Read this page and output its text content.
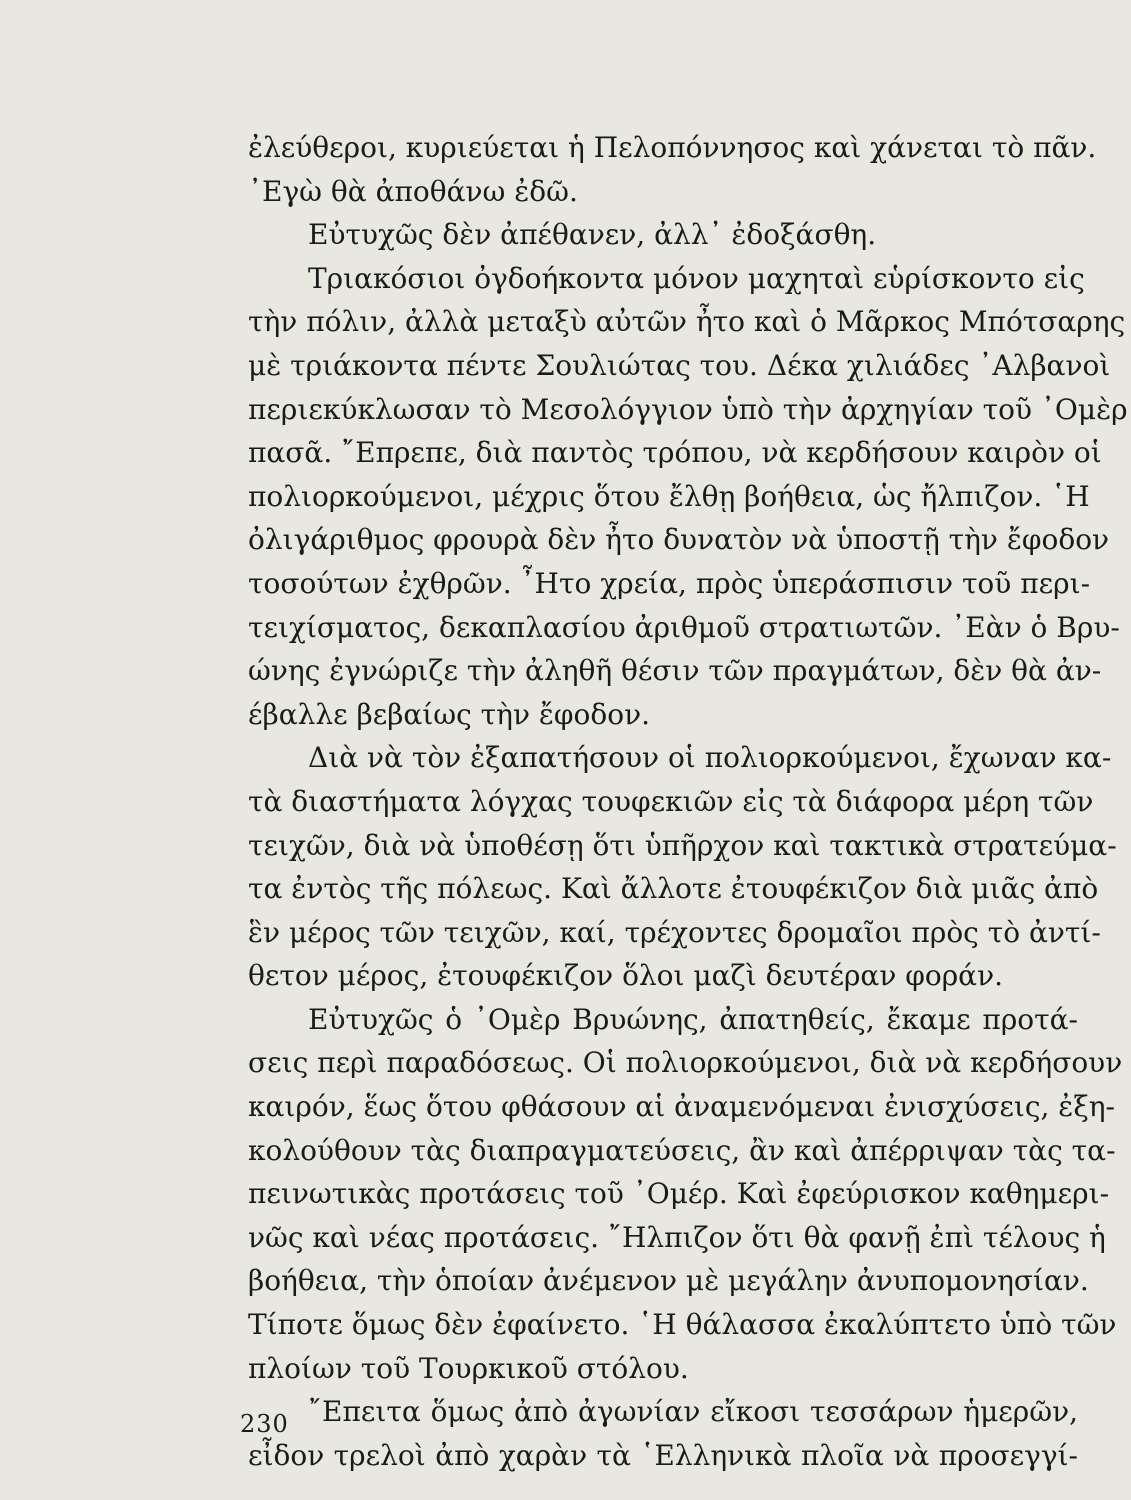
ἐλεύθεροι, κυριεύεται ἡ Πελοπόννησος καὶ χάνεται τὸ πᾶν.
᾿Εγὼ θὰ ἀποθάνω ἐδῶ.
Εὐτυχῶς δὲν ἀπέθανεν, ἀλλ᾿ ἐδοξάσθη.
Τριακόσιοι ὀγδοήκοντα μόνον μαχηταὶ εὑρίσκοντο εἰς
τὴν πόλιν, ἀλλὰ μεταξὺ αὐτῶν ἦτο καὶ ὁ Μᾶρκος Μπότσαρης
μὲ τριάκοντα πέντε Σουλιώτας του. Δέκα χιλιάδες ᾿Αλβανοὶ
περιεκύκλωσαν τὸ Μεσολόγγιον ὑπὸ τὴν ἀρχηγίαν τοῦ ᾿Ομὲρ
πασᾶ. ῎Επρεπε, διὰ παντὸς τρόπου, νὰ κερδήσουν καιρὸν οἱ
πολιορκούμενοι, μέχρις ὅτου ἔλθῃ βοήθεια, ὡς ἤλπιζον. ῾Η
ὀλιγάριθμος φρουρὰ δὲν ἦτο δυνατὸν νὰ ὑποστῇ τὴν ἔφοδον
τοσούτων ἐχθρῶν. ῏Ητο χρεία, πρὸς ὑπεράσπισιν τοῦ περι-
τειχίσματος, δεκαπλασίου ἀριθμοῦ στρατιωτῶν. ᾿Εὰν ὁ Βρυ-
ώνης ἐγνώριζε τὴν ἀληθῆ θέσιν τῶν πραγμάτων, δὲν θὰ ἀν-
έβαλλε βεβαίως τὴν ἔφοδον.
Διὰ νὰ τὸν ἐξαπατήσουν οἱ πολιορκούμενοι, ἔχωναν κα-
τὰ διαστήματα λόγχας τουφεκιῶν εἰς τὰ διάφορα μέρη τῶν
τειχῶν, διὰ νὰ ὑποθέσῃ ὅτι ὑπῆρχον καὶ τακτικὰ στρατεύμα-
τα ἐντὸς τῆς πόλεως. Καὶ ἄλλοτε ἐτουφέκιζον διὰ μιᾶς ἀπὸ
ἓν μέρος τῶν τειχῶν, καί, τρέχοντες δρομαῖοι πρὸς τὸ ἀντί-
θετον μέρος, ἐτουφέκιζον ὅλοι μαζὶ δευτέραν φοράν.
Εὐτυχῶς ὁ ᾿Ομὲρ Βρυώνης, ἀπατηθείς, ἔκαμε προτά-
σεις περὶ παραδόσεως. Οἱ πολιορκούμενοι, διὰ νὰ κερδήσουν
καιρόν, ἕως ὅτου φθάσουν αἱ ἀναμενόμεναι ἐνισχύσεις, ἐξη-
κολούθουν τὰς διαπραγματεύσεις, ἂν καὶ ἀπέρριψαν τὰς τα-
πεινωτικὰς προτάσεις τοῦ ᾿Ομέρ. Καὶ ἐφεύρισκον καθημερι-
νῶς καὶ νέας προτάσεις. ῎Ηλπιζον ὅτι θὰ φανῇ ἐπὶ τέλους ἡ
βοήθεια, τὴν ὁποίαν ἀνέμενον μὲ μεγάλην ἀνυπομονησίαν.
Τίποτε ὅμως δὲν ἐφαίνετο. ῾Η θάλασσα ἐκαλύπτετο ὑπὸ τῶν
πλοίων τοῦ Τουρκικοῦ στόλου.
῎Επειτα ὅμως ἀπὸ ἀγωνίαν εἴκοσι τεσσάρων ἡμερῶν,
εἶδον τρελοὶ ἀπὸ χαρὰν τὰ ῾Ελληνικὰ πλοῖα νὰ προσεγγί-
230
